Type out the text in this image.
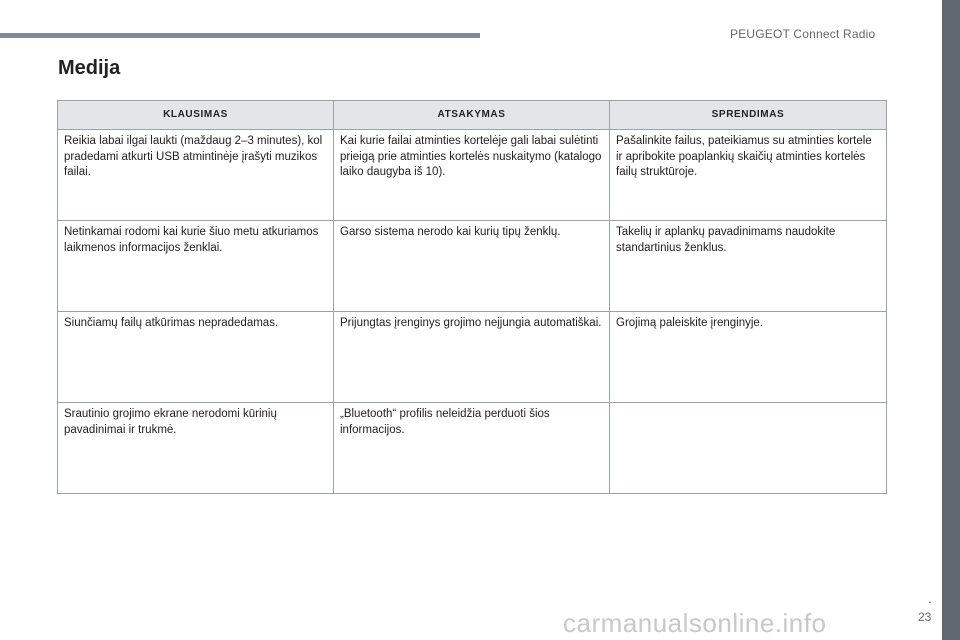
PEUGEOT Connect Radio
Medija
KLAUSIMAS	ATSAKYMAS	SPRENDIMAS
Reikia labai ilgai laukti (maždaug 2–3 minutes), kol pradedami atkurti USB atmintinėje įrašyti muzikos failai.	Kai kurie failai atminties kortelėje gali labai sulėtinti prieigą prie atminties kortelės nuskaitymo (katalogo laiko daugyba iš 10).	Pašalinkite failus, pateikiamus su atminties kortele ir apribokite poaplankių skaičių atminties kortelės failų struktūroje.
Netinkamai rodomi kai kurie šiuo metu atkuriamos laikmenos informacijos ženklai.	Garso sistema nerodo kai kurių tipų ženklų.	Takelių ir aplankų pavadinimams naudokite standartinius ženklus.
Siunčiamų failų atkūrimas nepradedamas.	Prijungtas įrenginys grojimo neįjungia automatiškai.	Grojimą paleiskite įrenginyje.
Srautinio grojimo ekrane nerodomi kūrinių pavadinimai ir trukmė.	„Bluetooth“ profilis neleidžia perduoti šios informacijos.	
.
23
carmanualsonline.info
